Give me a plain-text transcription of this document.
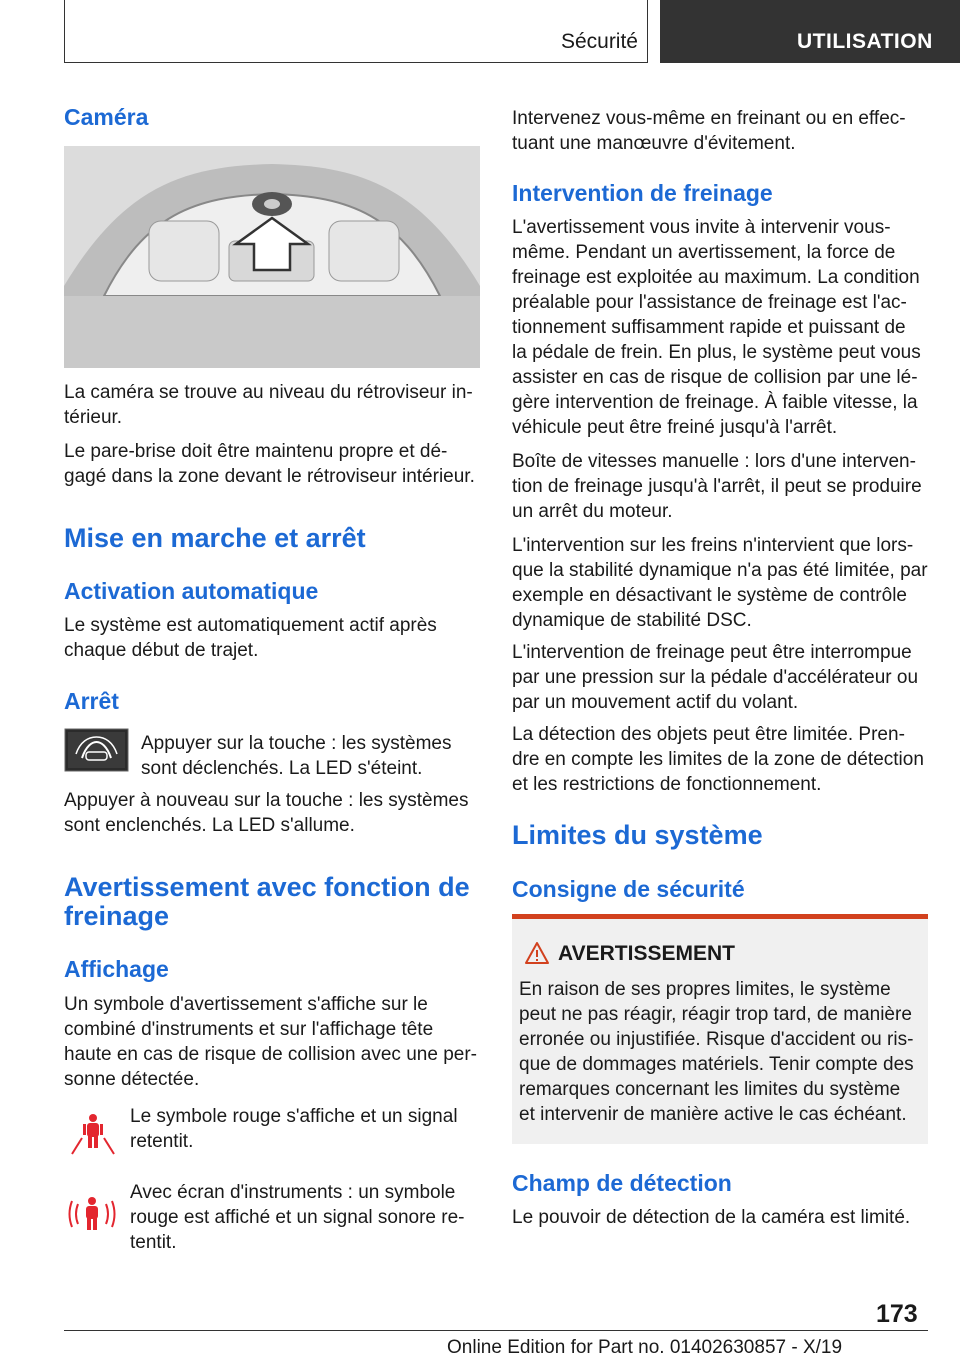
Sécurité	UTILISATION
Caméra
La caméra se trouve au niveau du rétroviseur in-
térieur.
Le pare-brise doit être maintenu propre et dé-
gagé dans la zone devant le rétroviseur intérieur.
Mise en marche et arrêt
Activation automatique
Le système est automatiquement actif après
chaque début de trajet.
Arrêt
Appuyer sur la touche : les systèmes
sont déclenchés. La LED s'éteint.
Appuyer à nouveau sur la touche : les systèmes
sont enclenchés. La LED s'allume.
Avertissement avec fonction de
freinage
Affichage
Un symbole d'avertissement s'affiche sur le
combiné d'instruments et sur l'affichage tête
haute en cas de risque de collision avec une per-
sonne détectée.
Le symbole rouge s'affiche et un signal
retentit.
Avec écran d'instruments : un symbole
rouge est affiché et un signal sonore re-
tentit.
Intervenez vous-même en freinant ou en effec-
tuant une manœuvre d'évitement.
Intervention de freinage
L'avertissement vous invite à intervenir vous-
même. Pendant un avertissement, la force de
freinage est exploitée au maximum. La condition
préalable pour l'assistance de freinage est l'ac-
tionnement suffisamment rapide et puissant de
la pédale de frein. En plus, le système peut vous
assister en cas de risque de collision par une lé-
gère intervention de freinage. À faible vitesse, la
véhicule peut être freiné jusqu'à l'arrêt.
Boîte de vitesses manuelle : lors d'une interven-
tion de freinage jusqu'à l'arrêt, il peut se produire
un arrêt du moteur.
L'intervention sur les freins n'intervient que lors-
que la stabilité dynamique n'a pas été limitée, par
exemple en désactivant le système de contrôle
dynamique de stabilité DSC.
L'intervention de freinage peut être interrompue
par une pression sur la pédale d'accélérateur ou
par un mouvement actif du volant.
La détection des objets peut être limitée. Pren-
dre en compte les limites de la zone de détection
et les restrictions de fonctionnement.
Limites du système
Consigne de sécurité
AVERTISSEMENT
En raison de ses propres limites, le système
peut ne pas réagir, réagir trop tard, de manière
erronée ou injustifiée. Risque d'accident ou ris-
que de dommages matériels. Tenir compte des
remarques concernant les limites du système
et intervenir de manière active le cas échéant.
Champ de détection
Le pouvoir de détection de la caméra est limité.
173
Online Edition for Part no. 01402630857 - X/19
